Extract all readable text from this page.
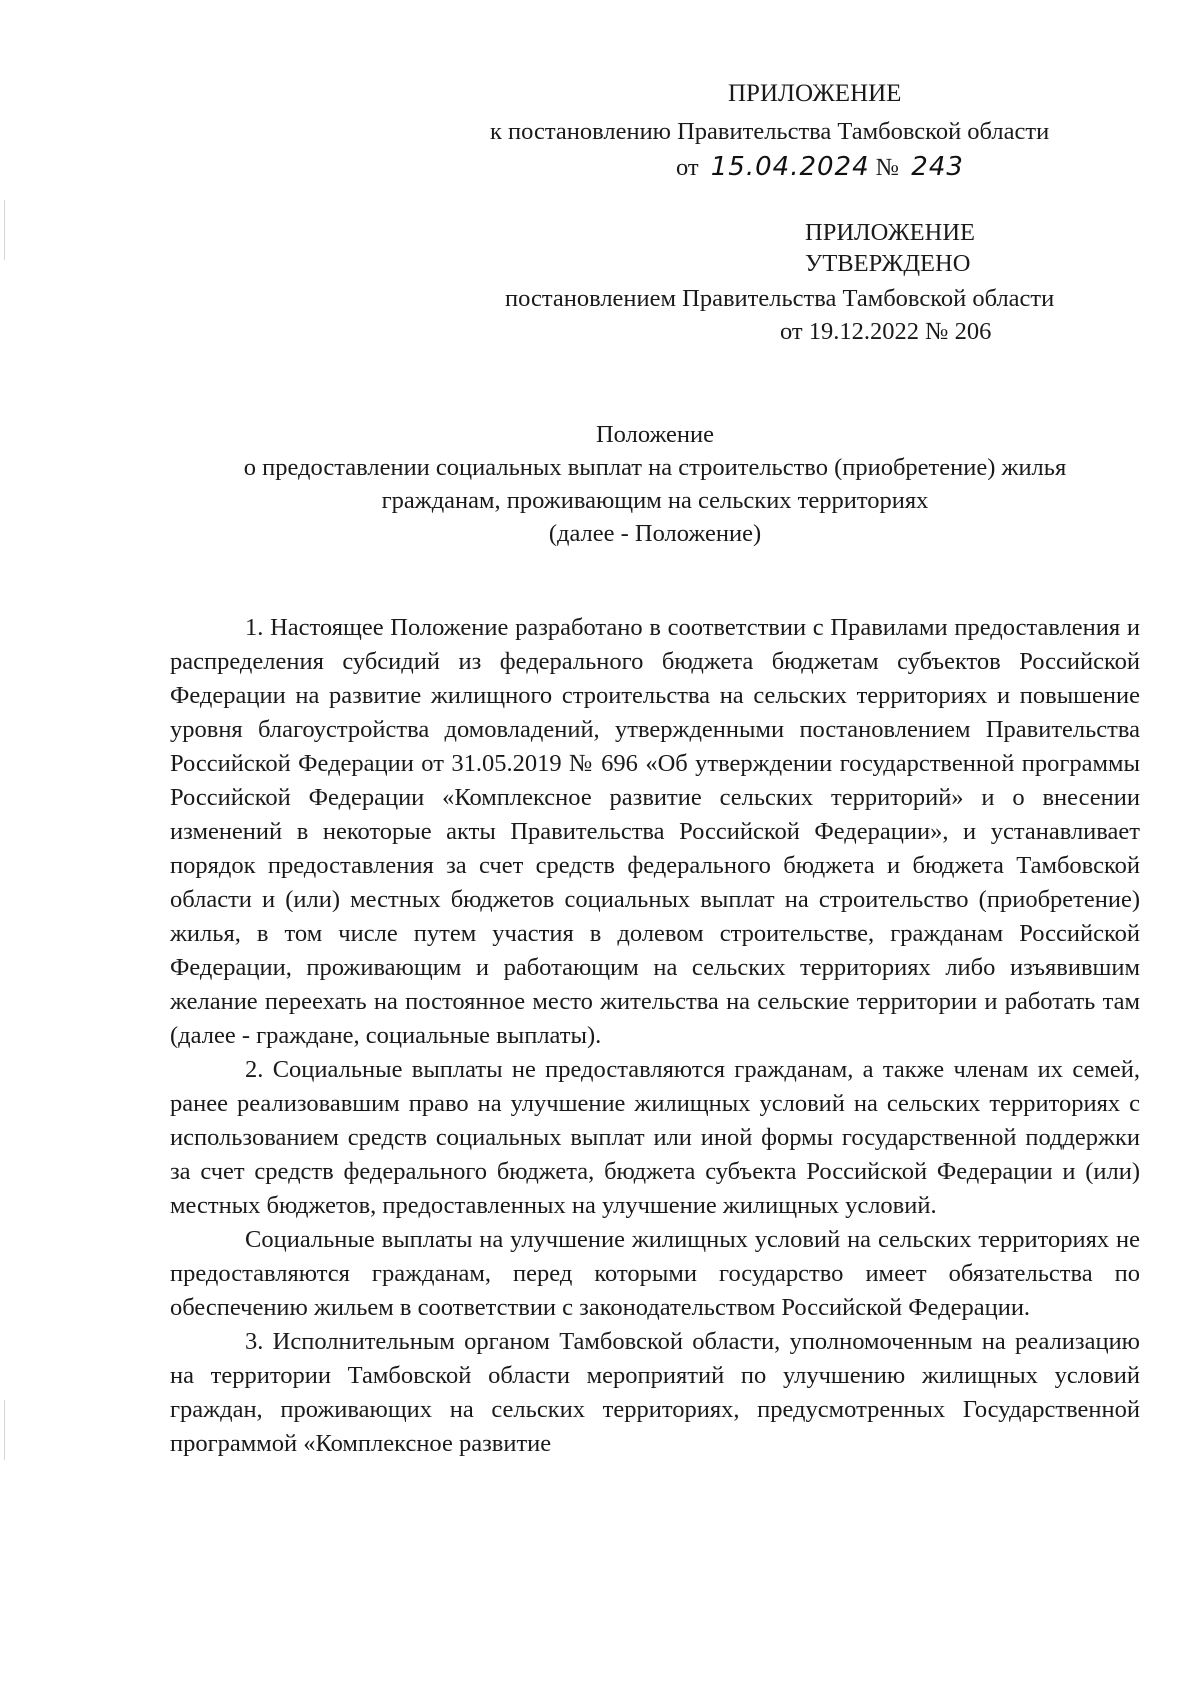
ПРИЛОЖЕНИЕ
к постановлению Правительства Тамбовской области
от 15.04.2024 № 243
ПРИЛОЖЕНИЕ
УТВЕРЖДЕНО
постановлением Правительства Тамбовской области
от 19.12.2022 № 206
Положение
о предоставлении социальных выплат на строительство (приобретение) жилья
гражданам, проживающим на сельских территориях
(далее - Положение)

1. Настоящее Положение разработано в соответствии с Правилами предоставления и распределения субсидий из федерального бюджета бюджетам субъектов Российской Федерации на развитие жилищного строительства на сельских территориях и повышение уровня благоустройства домовладений, утвержденными постановлением Правительства Российской Федерации от 31.05.2019 № 696 «Об утверждении государственной программы Российской Федерации «Комплексное развитие сельских территорий» и о внесении изменений в некоторые акты Правительства Российской Федерации», и устанавливает порядок предоставления за счет средств федерального бюджета и бюджета Тамбовской области и (или) местных бюджетов социальных выплат на строительство (приобретение) жилья, в том числе путем участия в долевом строительстве, гражданам Российской Федерации, проживающим и работающим на сельских территориях либо изъявившим желание переехать на постоянное место жительства на сельские территории и работать там (далее - граждане, социальные выплаты).

2. Социальные выплаты не предоставляются гражданам, а также членам их семей, ранее реализовавшим право на улучшение жилищных условий на сельских территориях с использованием средств социальных выплат или иной формы государственной поддержки за счет средств федерального бюджета, бюджета субъекта Российской Федерации и (или) местных бюджетов, предоставленных на улучшение жилищных условий.

Социальные выплаты на улучшение жилищных условий на сельских территориях не предоставляются гражданам, перед которыми государство имеет обязательства по обеспечению жильем в соответствии с законодательством Российской Федерации.

3. Исполнительным органом Тамбовской области, уполномоченным на реализацию на территории Тамбовской области мероприятий по улучшению жилищных условий граждан, проживающих на сельских территориях, предусмотренных Государственной программой «Комплексное развитие
